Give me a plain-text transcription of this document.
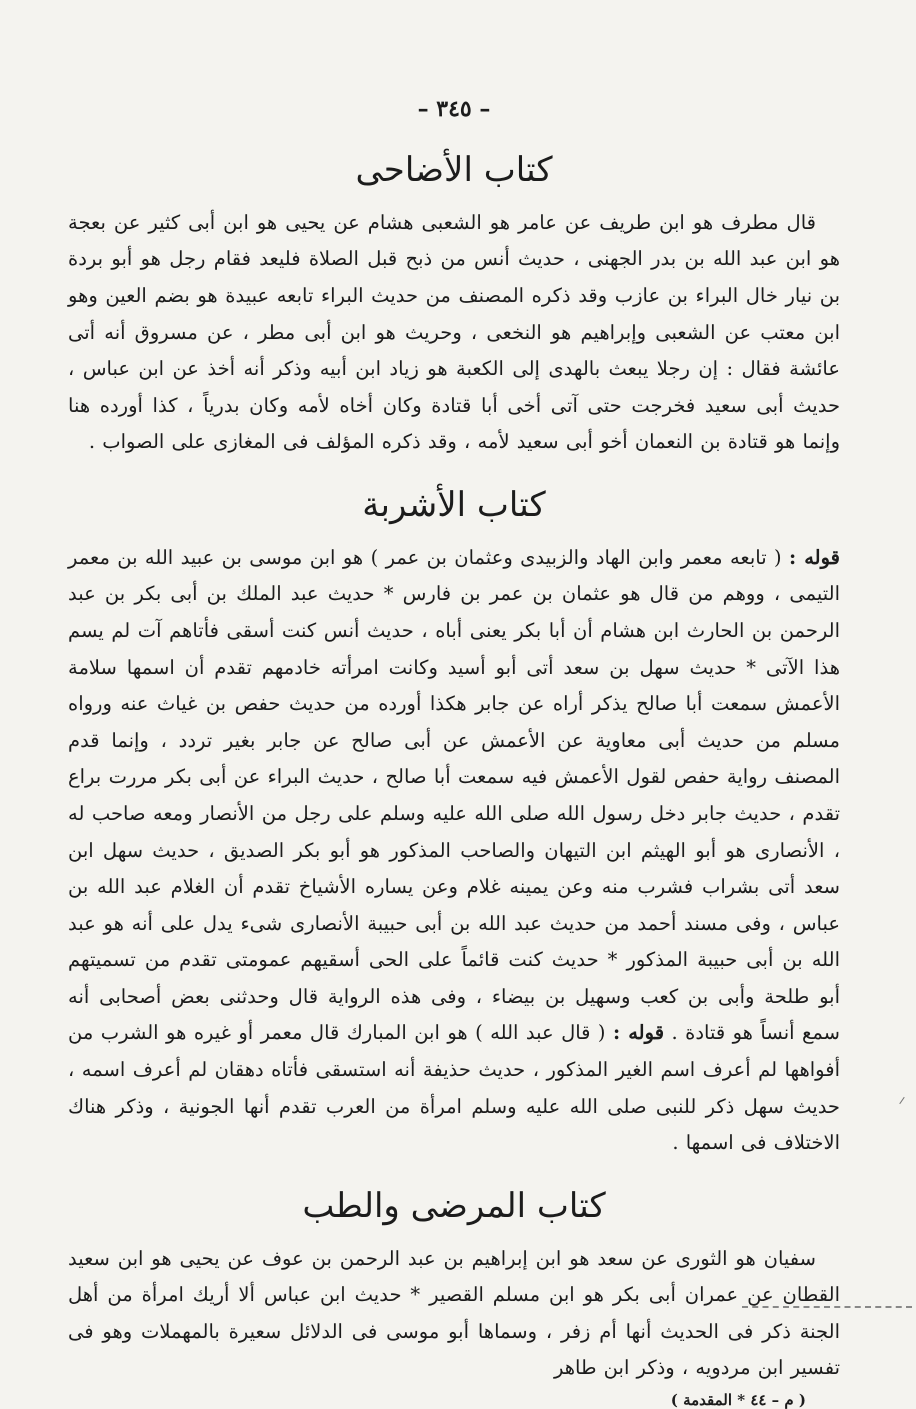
– ٣٤٥ –
كتاب الأضاحى

قال مطرف هو ابن طريف عن عامر هو الشعبى هشام عن يحيى هو ابن أبى كثير عن بعجة هو ابن عبد الله بن بدر الجهنى ، حديث أنس من ذبح قبل الصلاة فليعد فقام رجل هو أبو بردة بن نيار خال البراء بن عازب وقد ذكره المصنف من حديث البراء تابعه عبيدة هو بضم العين وهو ابن معتب عن الشعبى وإبراهيم هو النخعى ، وحريث هو ابن أبى مطر ، عن مسروق أنه أتى عائشة فقال : إن رجلا يبعث بالهدى إلى الكعبة هو زياد ابن أبيه وذكر أنه أخذ عن ابن عباس ، حديث أبى سعيد فخرجت حتى آتى أخى أبا قتادة وكان أخاه لأمه وكان بدرياً ، كذا أورده هنا وإنما هو قتادة بن النعمان أخو أبى سعيد لأمه ، وقد ذكره المؤلف فى المغازى على الصواب .

كتاب الأشربة

قوله : ( تابعه معمر وابن الهاد والزبيدى وعثمان بن عمر ) هو ابن موسى بن عبيد الله بن معمر التيمى ، ووهم من قال هو عثمان بن عمر بن فارس * حديث عبد الملك بن أبى بكر بن عبد الرحمن بن الحارث ابن هشام أن أبا بكر يعنى أباه ، حديث أنس كنت أسقى فأتاهم آت لم يسم هذا الآتى * حديث سهل بن سعد أتى أبو أسيد وكانت امرأته خادمهم تقدم أن اسمها سلامة الأعمش سمعت أبا صالح يذكر أراه عن جابر هكذا أورده من حديث حفص بن غياث عنه ورواه مسلم من حديث أبى معاوية عن الأعمش عن أبى صالح عن جابر بغير تردد ، وإنما قدم المصنف رواية حفص لقول الأعمش فيه سمعت أبا صالح ، حديث البراء عن أبى بكر مررت براع تقدم ، حديث جابر دخل رسول الله صلى الله عليه وسلم على رجل من الأنصار ومعه صاحب له ، الأنصارى هو أبو الهيثم ابن التيهان والصاحب المذكور هو أبو بكر الصديق ، حديث سهل ابن سعد أتى بشراب فشرب منه وعن يمينه غلام وعن يساره الأشياخ تقدم أن الغلام عبد الله بن عباس ، وفى مسند أحمد من حديث عبد الله بن أبى حبيبة الأنصارى شىء يدل على أنه هو عبد الله بن أبى حبيبة المذكور * حديث كنت قائماً على الحى أسقيهم عمومتى تقدم من تسميتهم أبو طلحة وأبى بن كعب وسهيل بن بيضاء ، وفى هذه الرواية قال وحدثنى بعض أصحابى أنه سمع أنساً هو قتادة . قوله : ( قال عبد الله ) هو ابن المبارك قال معمر أو غيره هو الشرب من أفواهها لم أعرف اسم الغير المذكور ، حديث حذيفة أنه استسقى فأتاه دهقان لم أعرف اسمه ، حديث سهل ذكر للنبى صلى الله عليه وسلم امرأة من العرب تقدم أنها الجونية ، وذكر هناك الاختلاف فى اسمها .

كتاب المرضى والطب

سفيان هو الثورى عن سعد هو ابن إبراهيم بن عبد الرحمن بن عوف عن يحيى هو ابن سعيد القطان عن عمران أبى بكر هو ابن مسلم القصير * حديث ابن عباس ألا أريك امرأة من أهل الجنة ذكر فى الحديث أنها أم زفر ، وسماها أبو موسى فى الدلائل سعيرة بالمهملات وهو فى تفسير ابن مردويه ، وذكر ابن طاهر

( م – ٤٤ * المقدمة )
